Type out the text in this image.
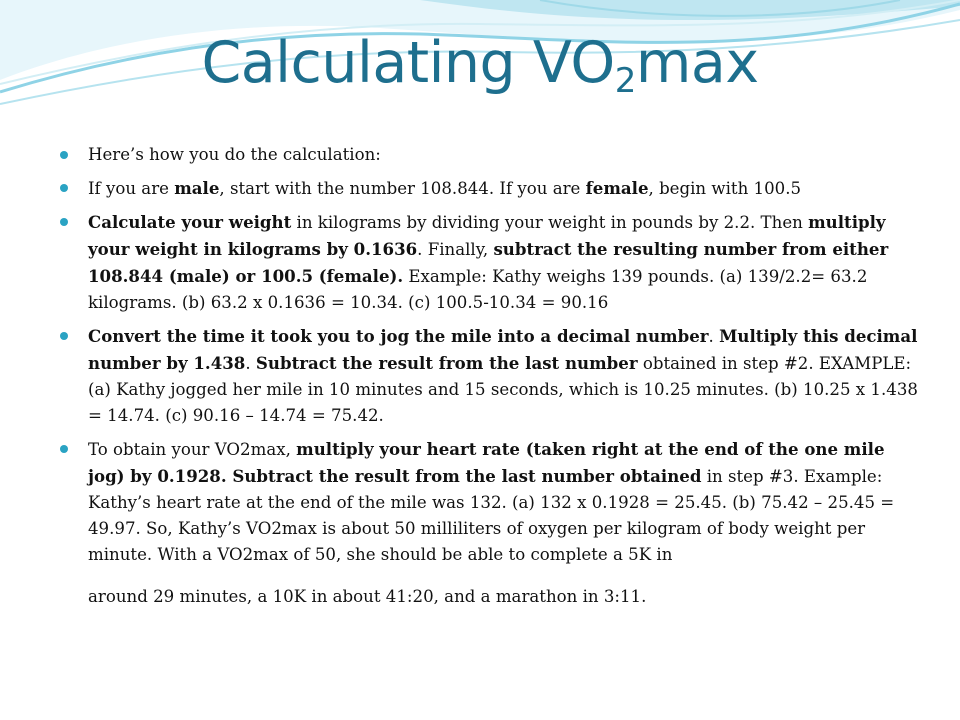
Calculating $VO_2\max$
Here’s how you do the calculation:
If you are male, start with the number 108.844. If you are female, begin with 100.5
Calculate your weight in kilograms by dividing your weight in pounds by 2.2. Then multiply your weight in kilograms by 0.1636. Finally, subtract the resulting number from either 108.844 (male) or 100.5 (female). Example: Kathy weighs 139 pounds. (a) 139/2.2= 63.2 kilograms. (b) 63.2 x 0.1636 = 10.34. (c) 100.5-10.34 = 90.16
Convert the time it took you to jog the mile into a decimal number. Multiply this decimal number by 1.438. Subtract the result from the last number obtained in step #2. EXAMPLE: (a) Kathy jogged her mile in 10 minutes and 15 seconds, which is 10.25 minutes. (b) 10.25 x 1.438 = 14.74. (c) 90.16 – 14.74 = 75.42.
To obtain your VO2max, multiply your heart rate (taken right at the end of the one mile jog) by 0.1928. Subtract the result from the last number obtained in step #3. Example: Kathy’s heart rate at the end of the mile was 132. (a) 132 x 0.1928 = 25.45. (b) 75.42 – 25.45 = 49.97. So, Kathy’s VO2max is about 50 milliliters of oxygen per kilogram of body weight per minute. With a VO2max of 50, she should be able to complete a 5K in
around 29 minutes, a 10K in about 41:20, and a marathon in 3:11.
